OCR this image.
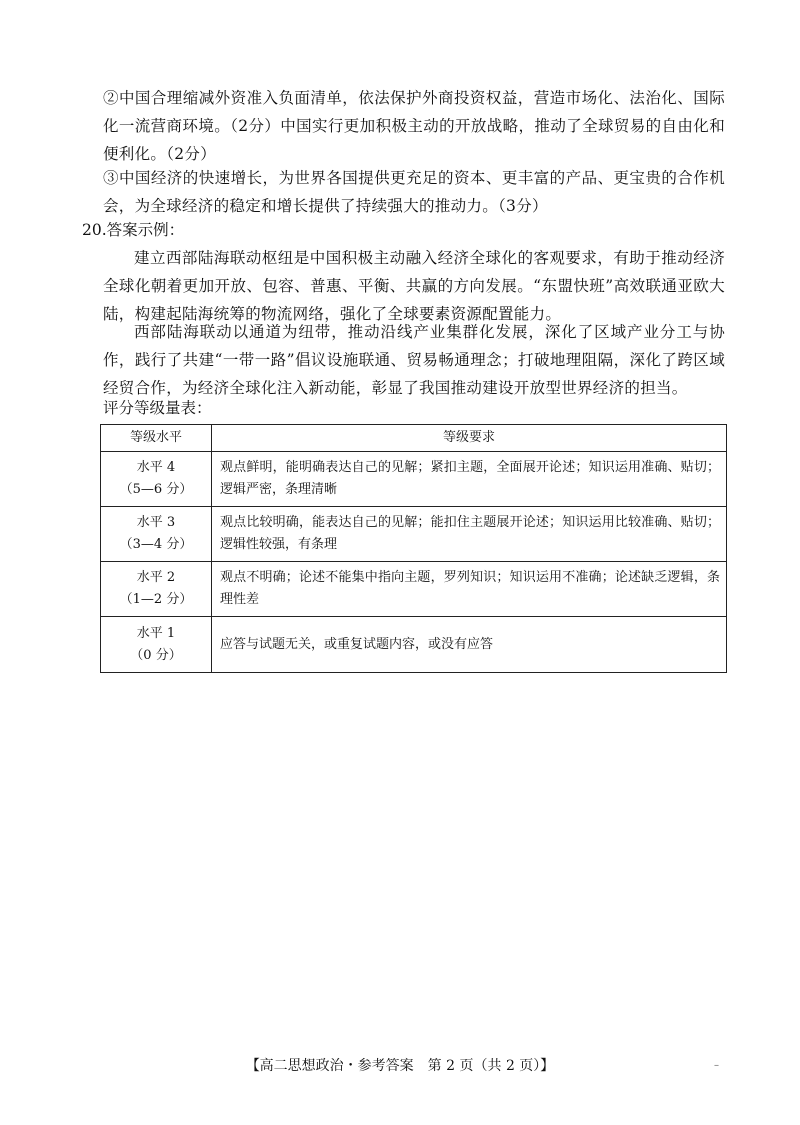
②中国合理缩减外资准入负面清单，依法保护外商投资权益，营造市场化、法治化、国际化一流营商环境。（2分）中国实行更加积极主动的开放战略，推动了全球贸易的自由化和便利化。（2分）

③中国经济的快速增长，为世界各国提供更充足的资本、更丰富的产品、更宝贵的合作机会，为全球经济的稳定和增长提供了持续强大的推动力。（3分）

20.答案示例：

建立西部陆海联动枢纽是中国积极主动融入经济全球化的客观要求，有助于推动经济全球化朝着更加开放、包容、普惠、平衡、共赢的方向发展。“东盟快班”高效联通亚欧大陆，构建起陆海统筹的物流网络，强化了全球要素资源配置能力。

西部陆海联动以通道为纽带，推动沿线产业集群化发展，深化了区域产业分工与协作，践行了共建“一带一路”倡议设施联通、贸易畅通理念；打破地理阻隔，深化了跨区域经贸合作，为经济全球化注入新动能，彰显了我国推动建设开放型世界经济的担当。

评分等级量表：

等级水平	等级要求

水平 4
（5—6 分）	观点鲜明，能明确表达自己的见解；紧扣主题，全面展开论述；知识运用准确、贴切；逻辑严密，条理清晰

水平 3
（3—4 分）	观点比较明确，能表达自己的见解；能扣住主题展开论述；知识运用比较准确、贴切；逻辑性较强，有条理

水平 2
（1—2 分）	观点不明确；论述不能集中指向主题，罗列知识；知识运用不准确；论述缺乏逻辑，条理性差

水平 1
（0 分）	应答与试题无关，或重复试题内容，或没有应答
【高二思想政治・参考答案　第 2 页（共 2 页）】	–
